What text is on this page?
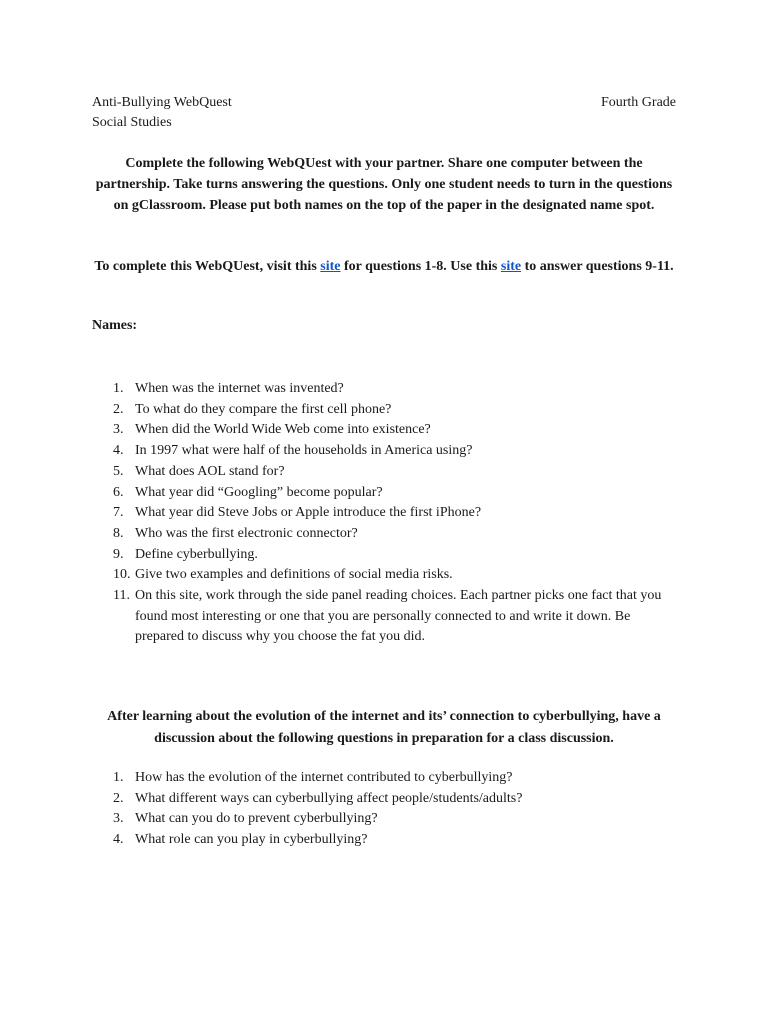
Anti-Bullying WebQuest	Fourth Grade
Social Studies
Complete the following WebQUest with your partner. Share one computer between the partnership. Take turns answering the questions. Only one student needs to turn in the questions on gClassroom. Please put both names on the top of the paper in the designated name spot.
To complete this WebQUest, visit this site for questions 1-8. Use this site to answer questions 9-11.
Names:
1. When was the internet was invented?
2. To what do they compare the first cell phone?
3. When did the World Wide Web come into existence?
4. In 1997 what were half of the households in America using?
5. What does AOL stand for?
6. What year did “Googling” become popular?
7. What year did Steve Jobs or Apple introduce the first iPhone?
8. Who was the first electronic connector?
9. Define cyberbullying.
10. Give two examples and definitions of social media risks.
11. On this site, work through the side panel reading choices. Each partner picks one fact that you found most interesting or one that you are personally connected to and write it down. Be prepared to discuss why you choose the fat you did.
After learning about the evolution of the internet and its’ connection to cyberbullying, have a discussion about the following questions in preparation for a class discussion.
1. How has the evolution of the internet contributed to cyberbullying?
2. What different ways can cyberbullying affect people/students/adults?
3. What can you do to prevent cyberbullying?
4. What role can you play in cyberbullying?
